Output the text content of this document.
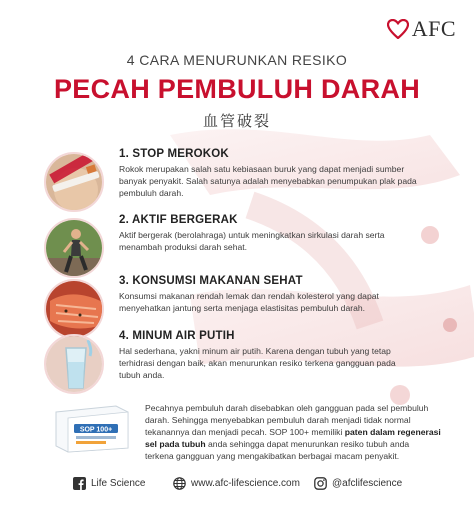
AFC
4 CARA MENURUNKAN RESIKO
PECAH PEMBULUH DARAH
血管破裂
1. STOP MEROKOK
Rokok merupakan salah satu kebiasaan buruk yang dapat menjadi sumber
banyak penyakit. Salah satunya adalah menyebabkan penumpukan plak pada
pembuluh darah.
2. AKTIF BERGERAK
Aktif bergerak (berolahraga) untuk meningkatkan sirkulasi darah serta
menambah produksi darah sehat.
3. KONSUMSI MAKANAN SEHAT
Konsumsi makanan rendah lemak dan rendah kolesterol yang dapat
menyehatkan jantung serta menjaga elastisitas pembuluh darah.
4. MINUM AIR PUTIH
Hal sederhana, yakni minum air putih. Karena dengan tubuh yang tetap
terhidrasi dengan baik, akan menurunkan resiko terkena gangguan pada
tubuh anda.
SOP 100+
Pecahnya pembuluh darah disebabkan oleh gangguan pada sel pembuluh
darah. Sehingga menyebabkan pembuluh darah menjadi tidak normal
tekanannya dan menjadi pecah. SOP 100+ memiliki paten dalam regenerasi
sel pada tubuh anda sehingga dapat menurunkan resiko tubuh anda
terkena gangguan yang mengakibatkan berbagai macam penyakit.
Life Science	www.afc-lifescience.com	@afclifescience
